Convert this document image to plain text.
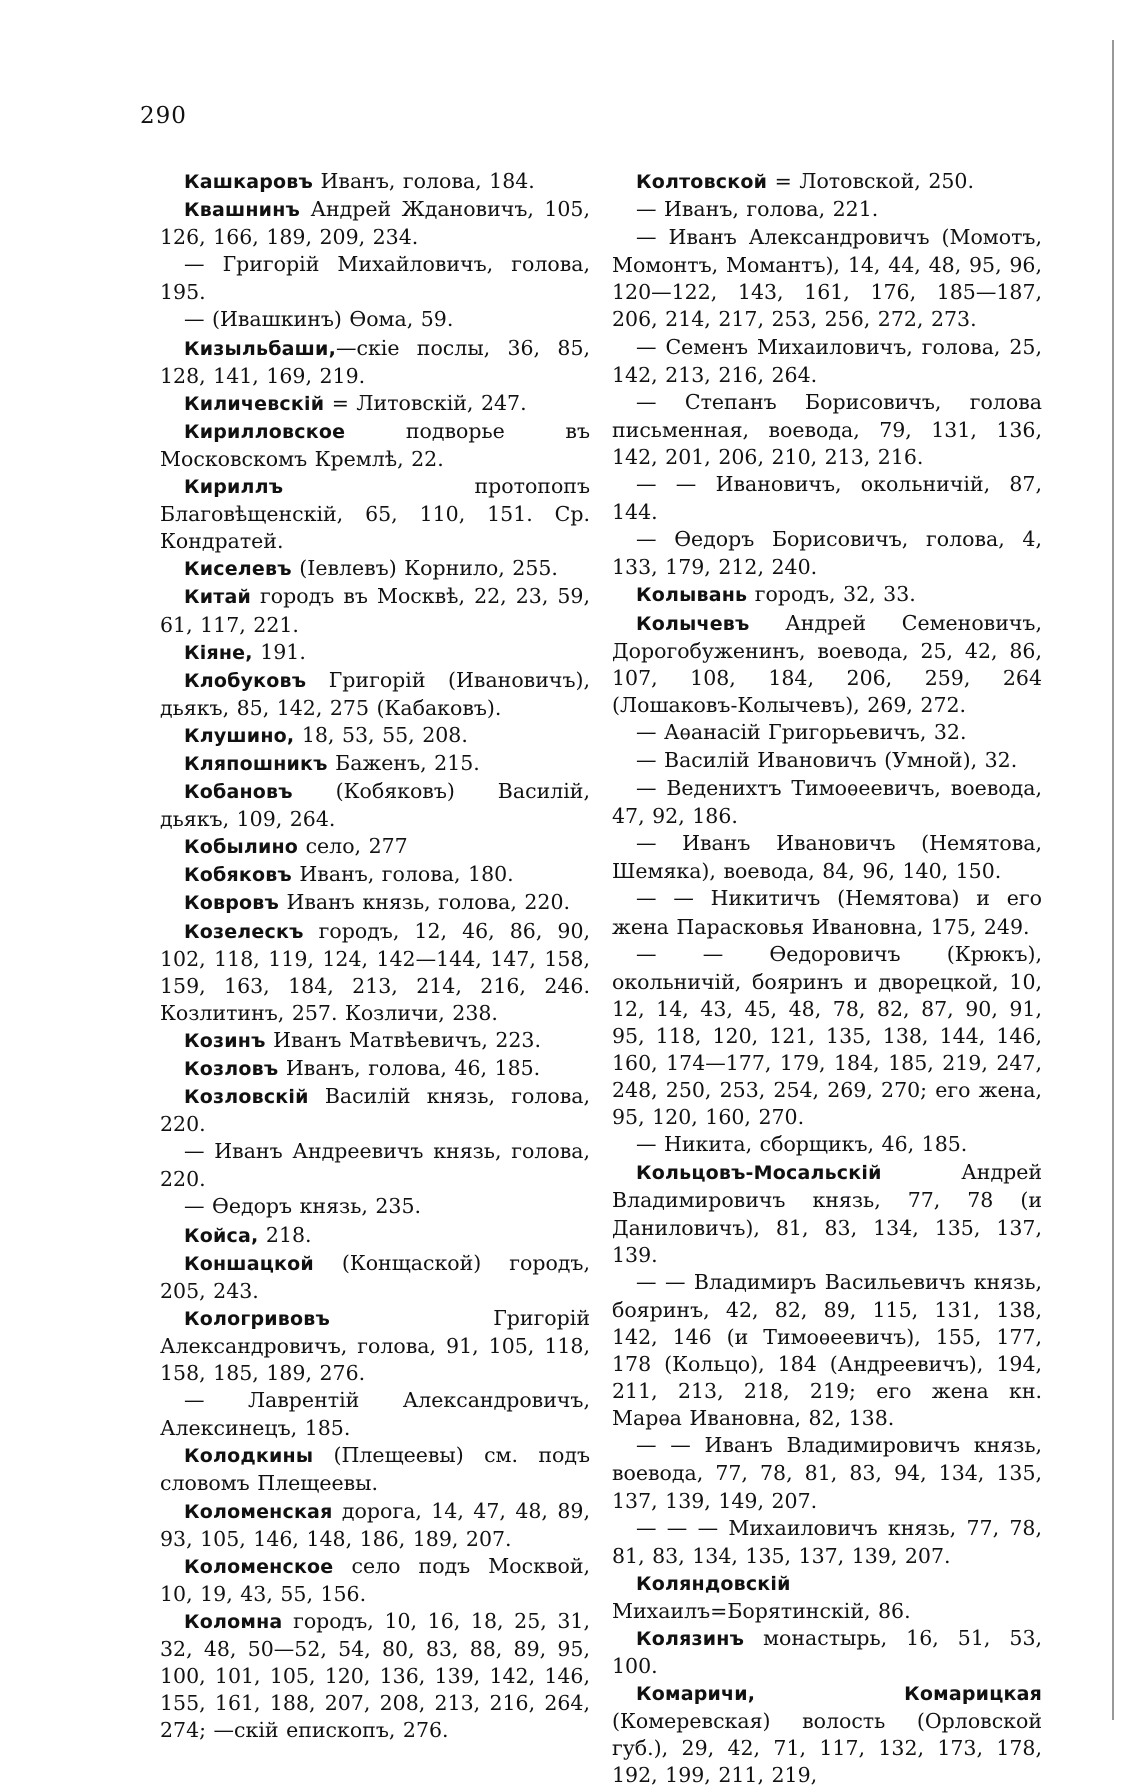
290

Кашкаровъ Иванъ, голова, 184.

Квашнинъ Андрей Ждановичъ, 105, 126, 166, 189, 209, 234.

— Григорій Михайловичъ, голова, 195.

— (Ивашкинъ) Ѳома, 59.

Кизыльбаши,—скіе послы, 36, 85, 128, 141, 169, 219.

Киличевскій = Литовскій, 247.

Кирилловское подворье въ Московскомъ Кремлѣ, 22.

Кириллъ протопопъ Благовѣщенскій, 65, 110, 151. Ср. Кондратей.

Киселевъ (Іевлевъ) Корнило, 255.

Китай городъ въ Москвѣ, 22, 23, 59, 61, 117, 221.

Кіяне, 191.

Клобуковъ Григорій (Ивановичъ), дьякъ, 85, 142, 275 (Кабаковъ).

Клушино, 18, 53, 55, 208.

Кляпошникъ Баженъ, 215.

Кобановъ (Кобяковъ) Василій, дьякъ, 109, 264.

Кобылино село, 277

Кобяковъ Иванъ, голова, 180.

Ковровъ Иванъ князь, голова, 220.

Козелескъ городъ, 12, 46, 86, 90, 102, 118, 119, 124, 142—144, 147, 158, 159, 163, 184, 213, 214, 216, 246. Козлитинъ, 257. Козличи, 238.

Козинъ Иванъ Матвѣевичъ, 223.

Козловъ Иванъ, голова, 46, 185.

Козловскій Василій князь, голова, 220.

— Иванъ Андреевичъ князь, голова, 220.

— Ѳедоръ князь, 235.

Койса, 218.

Коншацкой (Конщаской) городъ, 205, 243.

Кологривовъ Григорій Александровичъ, голова, 91, 105, 118, 158, 185, 189, 276.

— Лаврентій Александровичъ, Алексинецъ, 185.

Колодкины (Плещеевы) см. подъ словомъ Плещеевы.

Коломенская дорога, 14, 47, 48, 89, 93, 105, 146, 148, 186, 189, 207.

Коломенское село подъ Москвой, 10, 19, 43, 55, 156.

Коломна городъ, 10, 16, 18, 25, 31, 32, 48, 50—52, 54, 80, 83, 88, 89, 95, 100, 101, 105, 120, 136, 139, 142, 146, 155, 161, 188, 207, 208, 213, 216, 264, 274; —скій епископъ, 276.

Колтовской = Лотовской, 250.

— Иванъ, голова, 221.

— Иванъ Александровичъ (Момотъ, Момонтъ, Момантъ), 14, 44, 48, 95, 96, 120—122, 143, 161, 176, 185—187, 206, 214, 217, 253, 256, 272, 273.

— Семенъ Михаиловичъ, голова, 25, 142, 213, 216, 264.

— Степанъ Борисовичъ, голова письменная, воевода, 79, 131, 136, 142, 201, 206, 210, 213, 216.

— — Ивановичъ, окольничій, 87, 144.

— Ѳедоръ Борисовичъ, голова, 4, 133, 179, 212, 240.

Колывань городъ, 32, 33.

Колычевъ Андрей Семеновичъ, Дорогобуженинъ, воевода, 25, 42, 86, 107, 108, 184, 206, 259, 264 (Лошаковъ-Колычевъ), 269, 272.

— Аѳанасій Григорьевичъ, 32.

— Василій Ивановичъ (Умной), 32.

— Веденихтъ Тимоѳеевичъ, воевода, 47, 92, 186.

— Иванъ Ивановичъ (Немятова, Шемяка), воевода, 84, 96, 140, 150.

— — Никитичъ (Немятова) и его жена Парасковья Ивановна, 175, 249.

— — Ѳедоровичъ (Крюкъ), окольничій, бояринъ и дворецкой, 10, 12, 14, 43, 45, 48, 78, 82, 87, 90, 91, 95, 118, 120, 121, 135, 138, 144, 146, 160, 174—177, 179, 184, 185, 219, 247, 248, 250, 253, 254, 269, 270; его жена, 95, 120, 160, 270.

— Никита, сборщикъ, 46, 185.

Кольцовъ-Мосальскій Андрей Владимировичъ князь, 77, 78 (и Даниловичъ), 81, 83, 134, 135, 137, 139.

— — Владимиръ Васильевичъ князь, бояринъ, 42, 82, 89, 115, 131, 138, 142, 146 (и Тимоѳеевичъ), 155, 177, 178 (Кольцо), 184 (Андреевичъ), 194, 211, 213, 218, 219; его жена кн. Марѳа Ивановна, 82, 138.

— — Иванъ Владимировичъ князь, воевода, 77, 78, 81, 83, 94, 134, 135, 137, 139, 149, 207.

— — — Михаиловичъ князь, 77, 78, 81, 83, 134, 135, 137, 139, 207.

Коляндовскій Михаилъ=Борятинскій, 86.

Колязинъ монастырь, 16, 51, 53, 100.

Комаричи, Комарицкая (Комеревская) волость (Орловской губ.), 29, 42, 71, 117, 132, 173, 178, 192, 199, 211, 219,
